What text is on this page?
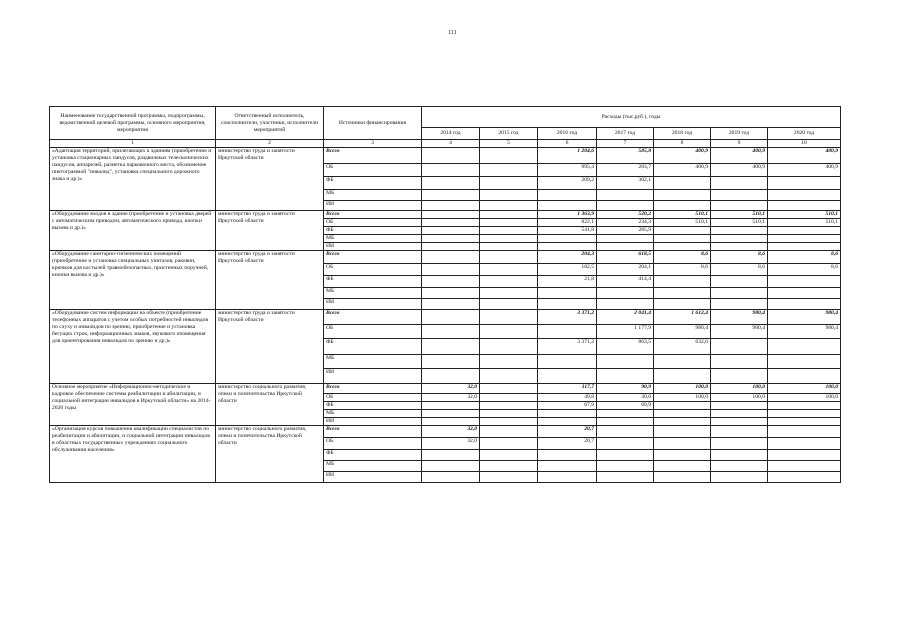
111
Наименование государственной программы, подпрограммы, ведомственной целевой программы, основного мероприятия, мероприятия	Ответственный исполнитель, соисполнители, участники, исполнители мероприятий	Источники финансирования	Расходы (тыс.руб.), годы						
			2014 год	2015 год	2016 год	2017 год	2018 год	2019 год	2020 год
1	2	3	4	5	6	7	8	9	10
«Адаптация территорий, прилегающих к зданиям (приобретение и установка стационарных пандусов, раздвижных телескопических пандусов, аппарелей, разметка парковочного места, обозначение пиктограммой "инвалид", установка специального дорожного знака и др.)»	министерство труда и занятости Иркутской области	Всего			1 204,6	585,8	400,9	400,9	400,9
		ОБ			995,4	283,7	400,9	400,9	400,9
		ФБ			209,2	302,1			
		МБ							
		ИИ							
«Оборудование входов в здание (приобретение и установка дверей с автоматическим приводом, автоматического привода, кнопки вызова и др.)»	министерство труда и занятости Иркутской области	Всего			1 363,9	520,2	510,1	510,1	510,1
		ОБ			822,1	234,3	510,1	510,1	510,1
		ФБ			541,8	285,9			
		МБ							
		ИИ							
«Оборудование санитарно-гигиенических помещений (приобретение и установка специальных унитазов, раковин, крючков для костылей травмобезопасных, пристенных поручней, кнопки вызова и др.)»	министерство труда и занятости Иркутской области	Всего			204,3	618,5	8,6	8,6	8,6
		ОБ			182,5	204,1	8,6	8,6	8,6
		ФБ			21,8	414,4			
		МБ							
		ИИ							
«Оборудование систем информации на объекте (приобретение телефонных аппаратов с учетом особых потребностей инвалидов по слуху и инвалидов по зрению, приобретение и установка бегущих строк, информационных знаков, звукового оповещения для ориентирования инвалидов по зрению и др.)»	министерство труда и занятости Иркутской области	Всего			3 371,2	2 041,4	1 612,4	980,4	980,4
		ОБ				1 177,9	980,4	980,4	980,4
		ФБ			3 371,2	863,5	632,0		
		МБ							
		ИИ							
Основное мероприятие «Информационно-методическое и кадровое обеспечение системы реабилитации и абилитации, и социальной интеграции инвалидов в Иркутской области» на 2014-2020 годы	министерство социального развития, опеки и попечительства Иркутской области	Всего	32,0		117,7	90,9	100,0	100,0	100,0
		ОБ	32,0		49,8	30,0	100,0	100,0	100,0
		ФБ			67,9	60,9			
		МБ							
		ИИ							
«Организация курсов повышения квалификации специалистов по реабилитации и абилитации, и социальной интеграции инвалидов в областных государственных учреждениях социального обслуживания населения»	министерство социального развития, опеки и попечительства Иркутской области	Всего	32,0		20,7				
		ОБ	32,0		20,7				
		ФБ							
		МБ							
		ИИ							
